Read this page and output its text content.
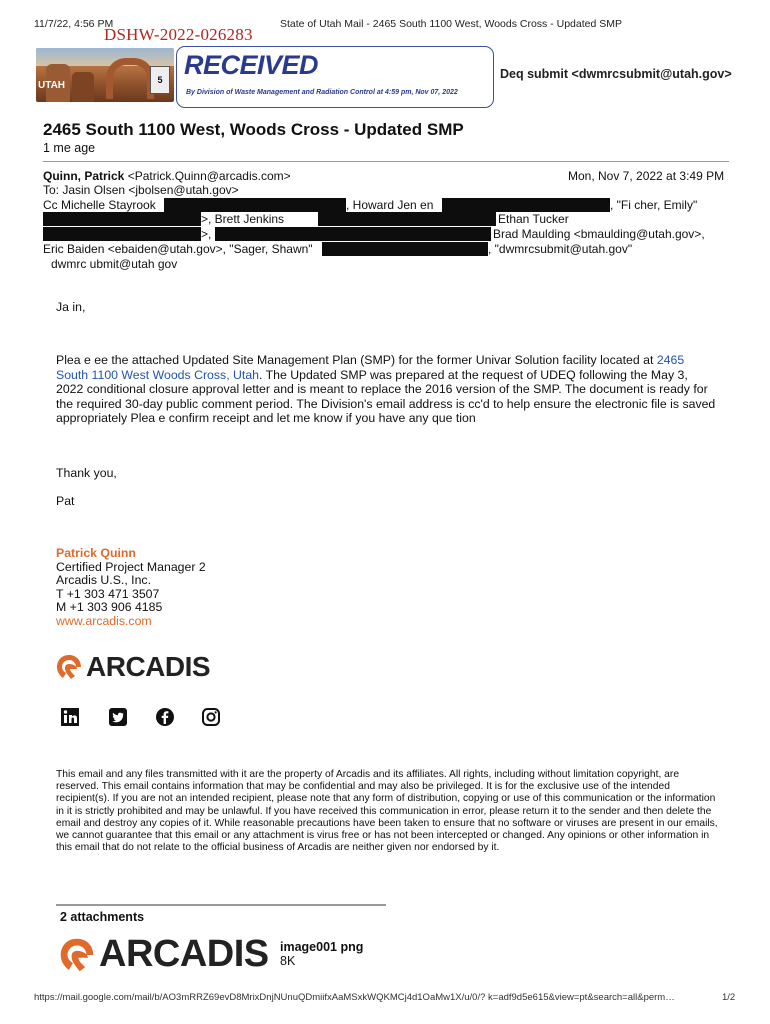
11/7/22, 4:56 PM
DSHW-2022-026283
State of Utah Mail - 2465 South 1100 West, Woods Cross - Updated SMP
UTAH	5 RECEIVED
By Division of Waste Management and Radiation Control at 4:59 pm, Nov 07, 2022
Deq submit <dwmrcsubmit@utah.gov>
2465 South 1100 West, Woods Cross - Updated SMP
1 me age
Quinn, Patrick <Patrick.Quinn@arcadis.com>	Mon, Nov 7, 2022 at 3:49 PM
To: Jasin Olsen <jbolsen@utah.gov>
Cc Michelle Stayrook	, Howard Jen en	, "Fi cher, Emily"
>, Brett Jenkins	Ethan Tucker
>,	Brad Maulding <bmaulding@utah.gov>,
Eric Baiden <ebaiden@utah.gov>, "Sager, Shawn"	, "dwmrcsubmit@utah.gov"
dwmrc ubmit@utah gov
Ja in,
Plea e ee the attached Updated Site Management Plan (SMP) for the former Univar Solution facility located at 2465 South 1100 West Woods Cross, Utah. The Updated SMP was prepared at the request of UDEQ following the May 3, 2022 conditional closure approval letter and is meant to replace the 2016 version of the SMP. The document is ready for the required 30-day public comment period. The Division's email address is cc'd to help ensure the electronic file is saved appropriately Plea e confirm receipt and let me know if you have any que tion
Thank you,
Pat
Patrick Quinn
Certified Project Manager 2
Arcadis U.S., Inc.
T +1 303 471 3507
M +1 303 906 4185
www.arcadis.com
ARCADIS
This email and any files transmitted with it are the property of Arcadis and its affiliates. All rights, including without limitation copyright, are reserved. This email contains information that may be confidential and may also be privileged. It is for the exclusive use of the intended recipient(s). If you are not an intended recipient, please note that any form of distribution, copying or use of this communication or the information in it is strictly prohibited and may be unlawful. If you have received this communication in error, please return it to the sender and then delete the email and destroy any copies of it. While reasonable precautions have been taken to ensure that no software or viruses are present in our emails, we cannot guarantee that this email or any attachment is virus free or has not been intercepted or changed. Any opinions or other information in this email that do not relate to the official business of Arcadis are neither given nor endorsed by it.
2 attachments
ARCADIS image001 png
8K
https://mail.google.com/mail/b/AO3mRRZ69evD8MrixDnjNUnuQDmiifxAaMSxkWQKMCj4d1OaMw1X/u/0/? k=adf9d5e615&view=pt&search=all&perm…	1/2
